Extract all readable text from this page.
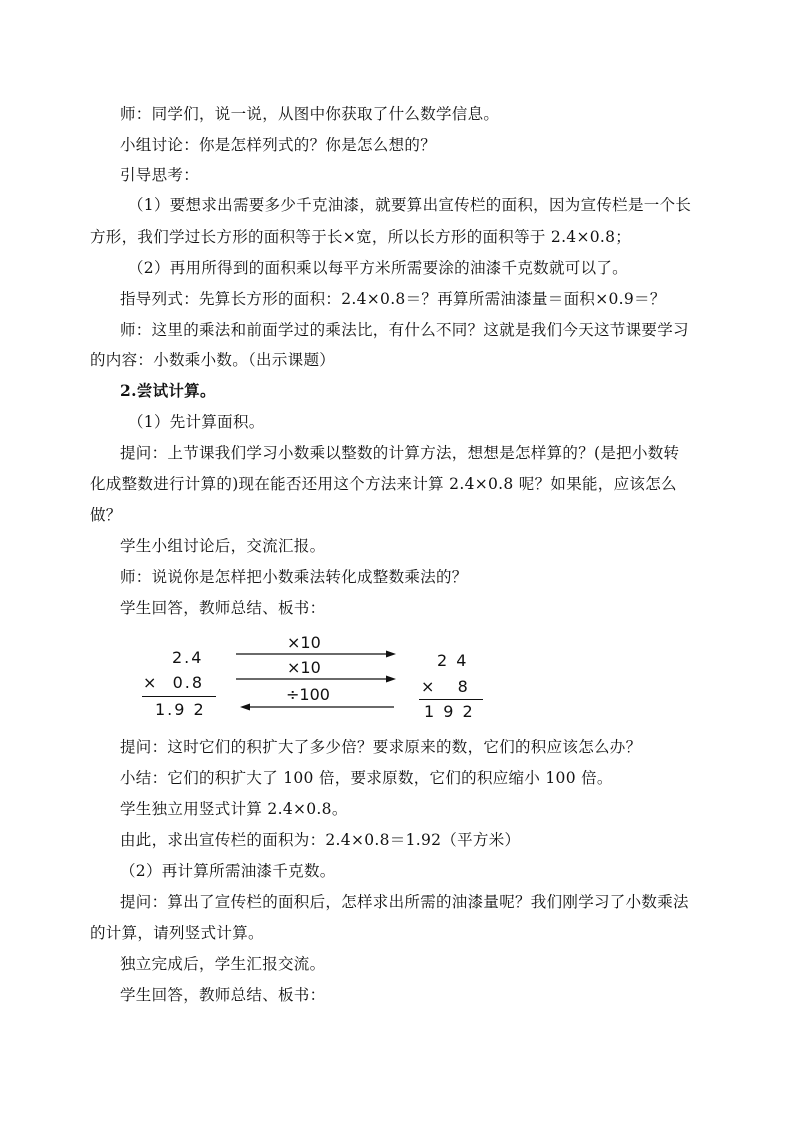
师：同学们，说一说，从图中你获取了什么数学信息。
小组讨论：你是怎样列式的？你是怎么想的？
引导思考：
（1）要想求出需要多少千克油漆，就要算出宣传栏的面积，因为宣传栏是一个长
方形，我们学过长方形的面积等于长×宽，所以长方形的面积等于 2.4×0.8；
（2）再用所得到的面积乘以每平方米所需要涂的油漆千克数就可以了。
指导列式：先算长方形的面积：2.4×0.8＝？再算所需油漆量＝面积×0.9＝？
师：这里的乘法和前面学过的乘法比，有什么不同？这就是我们今天这节课要学习
的内容：小数乘小数。（出示课题）
2.尝试计算。
（1）先计算面积。
提问：上节课我们学习小数乘以整数的计算方法，想想是怎样算的？(是把小数转
化成整数进行计算的)现在能否还用这个方法来计算 2.4×0.8 呢？如果能，应该怎么
做？
学生小组讨论后，交流汇报。
师：说说你是怎样把小数乘法转化成整数乘法的？
学生回答，教师总结、板书：
2.4
×  0.8
1.9 2
×10
×10
÷100
2 4
×   8
1 9 2
提问：这时它们的积扩大了多少倍？要求原来的数，它们的积应该怎么办？
小结：它们的积扩大了 100 倍，要求原数，它们的积应缩小 100 倍。
学生独立用竖式计算 2.4×0.8。
由此，求出宣传栏的面积为：2.4×0.8＝1.92（平方米）
（2）再计算所需油漆千克数。
提问：算出了宣传栏的面积后，怎样求出所需的油漆量呢？我们刚学习了小数乘法
的计算，请列竖式计算。
独立完成后，学生汇报交流。
学生回答，教师总结、板书：
